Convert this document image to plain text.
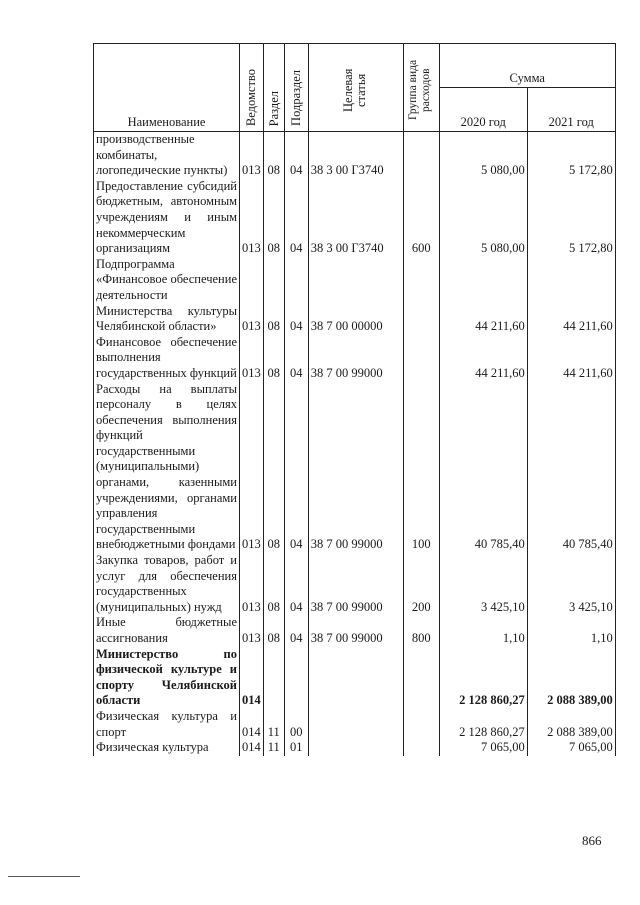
Наименование	Ведомство	Раздел	Подраздел	Целевая статья	Группа вида расходов	Сумма	
						2020 год	2021 год
производственные комбинаты, логопедические пункты)	013	08	04	38 3 00 Г3740		5 080,00	5 172,80
Предоставление субсидий бюджетным, автономным учреждениям и иным некоммерческим организациям	013	08	04	38 3 00 Г3740	600	5 080,00	5 172,80
Подпрограмма «Финансовое обеспечение деятельности Министерства культуры Челябинской области»	013	08	04	38 7 00 00000		44 211,60	44 211,60
Финансовое обеспечение выполнения государственных функций	013	08	04	38 7 00 99000		44 211,60	44 211,60
Расходы на выплаты персоналу в целях обеспечения выполнения функций государственными (муниципальными) органами, казенными учреждениями, органами управления государственными внебюджетными фондами	013	08	04	38 7 00 99000	100	40 785,40	40 785,40
Закупка товаров, работ и услуг для обеспечения государственных (муниципальных) нужд	013	08	04	38 7 00 99000	200	3 425,10	3 425,10
Иные бюджетные ассигнования	013	08	04	38 7 00 99000	800	1,10	1,10
Министерство по физической культуре и спорту Челябинской области	014					2 128 860,27	2 088 389,00
Физическая культура и спорт	014	11	00			2 128 860,27	2 088 389,00
Физическая культура	014	11	01			7 065,00	7 065,00
866
